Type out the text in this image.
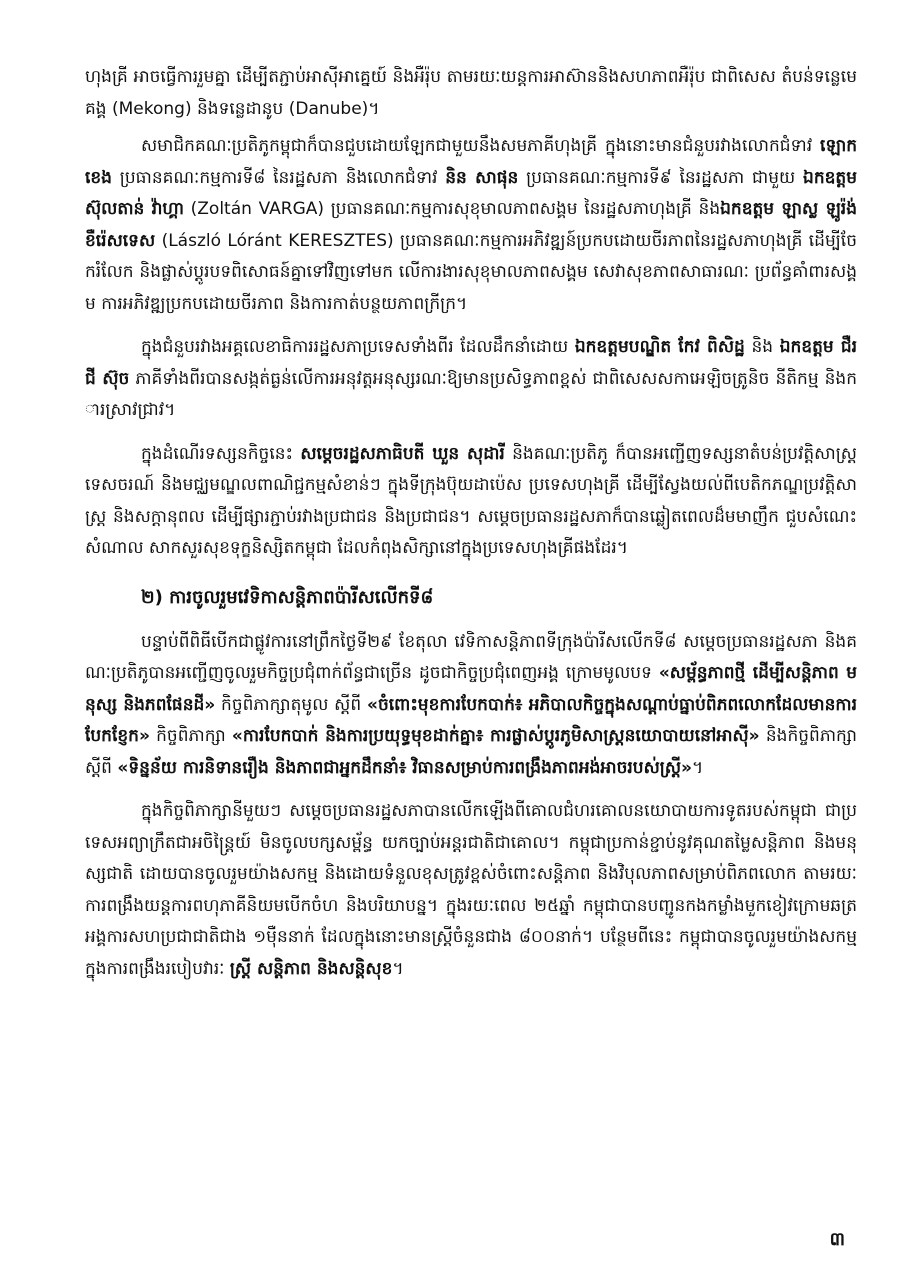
ហុងគ្រី អាចធ្វើការរួមគ្នា ដើម្បីតភ្ជាប់អាស៊ីអាគ្នេយ៍ និងអឺរ៉ុប តាមរយៈយន្តការអាស៊ាននិងសហភាពអឺរ៉ុប ជាពិសេស តំបន់ទន្លេមេគង្គ (Mekong) និងទន្លេដានូប (Danube)។

សមាជិកគណៈប្រតិភូកម្ពុជាក៏បានជួបដោយឡែកជាមួយនឹងសមភាគីហុងគ្រី ក្នុងនោះមានជំនួបរវាងលោកជំទាវ ឡោក ខេង ប្រធានគណៈកម្មការទី៨ នៃរដ្ឋសភា និងលោកជំទាវ និន សាផុន ប្រធានគណៈកម្មការទី៩ នៃរដ្ឋសភា ជាមួយ ឯកឧត្តម ស៊ុលតាន់ វ៉ាហ្គា (Zoltán VARGA) ប្រធានគណៈកម្មការសុខុមាលភាពសង្គម នៃរដ្ឋសភាហុងគ្រី និងឯកឧត្តម ឡាស្ល ឡូរ៉ង់ ខឺរ៉េសទេស (László Lóránt KERESZTES) ប្រធានគណៈកម្មការអភិវឌ្ឍន៍ប្រកបដោយចីរភាពនៃរដ្ឋសភាហុងគ្រី ដើម្បីចែករំលែក និងផ្លាស់ប្តូរបទពិសោធន៍គ្នាទៅវិញទៅមក លើការងារសុខុមាលភាពសង្គម សេវាសុខភាពសាធារណៈ ប្រព័ន្ធគាំពារសង្គម ការអភិវឌ្ឍប្រកបដោយចីរភាព និងការកាត់បន្ថយភាពក្រីក្រ។

ក្នុងជំនួបរវាងអគ្គលេខាធិការរដ្ឋសភាប្រទេសទាំងពីរ ដែលដឹកនាំដោយ ឯកឧត្តមបណ្ឌិត កែវ ពិសិដ្ឋ និង ឯកឧត្តម ជឺរជី ស៊ុច ភាគីទាំងពីរបានសង្កត់ធ្ងន់លើការអនុវត្តអនុស្សរណៈឱ្យមានប្រសិទ្ធភាពខ្ពស់ ជាពិសេសសកាអេឡិចត្រូនិច នីតិកម្ម និងការស្រាវជ្រាវ។

ក្នុងដំណើរទស្សនកិច្ចនេះ សម្តេចរដ្ឋសភាធិបតី ឃួន សុដារី និងគណៈប្រតិភូ ក៏បានអញ្ជើញទស្សនាតំបន់ប្រវត្តិសាស្ត្រ ទេសចរណ៍ និងមជ្ឈមណ្ឌលពាណិជ្ជកម្មសំខាន់ៗ ក្នុងទីក្រុងប៊ុយដាប៉េស ប្រទេសហុងគ្រី ដើម្បីស្វែងយល់ពីបេតិកភណ្ឌប្រវត្តិសាស្ត្រ និងសក្តានុពល ដើម្បីផ្សារភ្ជាប់រវាងប្រជាជន និងប្រជាជន។ សម្តេចប្រធានរដ្ឋសភាក៏បានឆ្លៀតពេលដ៏មមាញឹក ជួបសំណេះសំណាល សាកសួរសុខទុក្ខនិស្សិតកម្ពុជា ដែលកំពុងសិក្សានៅក្នុងប្រទេសហុងគ្រីផងដែរ។

២) ការចូលរួមវេទិកាសន្តិភាពប៉ារីសលើកទី៨

បន្ទាប់ពីពិធីបើកជាផ្លូវការនៅព្រឹកថ្ងៃទី២៩ ខែតុលា វេទិកាសន្តិភាពទីក្រុងប៉ារីសលើកទី៨ សម្តេចប្រធានរដ្ឋសភា និងគណៈប្រតិភូបានអញ្ជើញចូលរួមកិច្ចប្រជុំពាក់ព័ន្ធជាច្រើន ដូចជាកិច្ចប្រជុំពេញអង្គ ក្រោមមូលបទ «សម្ព័ន្ធភាពថ្មី ដើម្បីសន្តិភាព មនុស្ស និងភពផែនដី» កិច្ចពិភាក្សាតុមូល ស្តីពី «ចំពោះមុខការបែកបាក់៖ អភិបាលកិច្ចក្នុងសណ្តាប់ធ្នាប់ពិភពលោកដែលមានការបែកខ្ញែក» កិច្ចពិភាក្សា «ការបែកបាក់ និងការប្រយុទ្ធមុខដាក់គ្នា៖ ការផ្លាស់ប្តូរភូមិសាស្ត្រនយោបាយនៅអាស៊ី» និងកិច្ចពិភាក្សា ស្តីពី «ទិន្នន័យ ការនិទានរឿង និងភាពជាអ្នកដឹកនាំ៖ វិធានសម្រាប់ការពង្រឹងភាពអង់អាចរបស់ស្ត្រី»។

ក្នុងកិច្ចពិភាក្សានីមួយៗ សម្តេចប្រធានរដ្ឋសភាបានលើកឡើងពីគោលជំហរគោលនយោបាយការទូតរបស់កម្ពុជា ជាប្រទេសអព្យាក្រឹតជាអចិន្ត្រៃយ៍ មិនចូលបក្សសម្ព័ន្ធ យកច្បាប់អន្តរជាតិជាគោល។ កម្ពុជាប្រកាន់ខ្ជាប់នូវគុណតម្លៃសន្តិភាព និងមនុស្សជាតិ ដោយបានចូលរួមយ៉ាងសកម្ម និងដោយទំនួលខុសត្រូវខ្ពស់ចំពោះសន្តិភាព និងវិបុលភាពសម្រាប់ពិភពលោក តាមរយៈការពង្រឹងយន្តការពហុភាគីនិយមបើកចំហ និងបរិយាបន្ន។ ក្នុងរយៈពេល ២៥ឆ្នាំ កម្ពុជាបានបញ្ជូនកងកម្លាំងមួកខៀវក្រោមឆត្រអង្គការសហប្រជាជាតិជាង ១ម៉ឺននាក់ ដែលក្នុងនោះមានស្ត្រីចំនួនជាង ៨០០នាក់។ បន្ថែមពីនេះ កម្ពុជាបានចូលរួមយ៉ាងសកម្មក្នុងការពង្រឹងរបៀបវារៈ ស្ត្រី សន្តិភាព និងសន្តិសុខ។

៣
